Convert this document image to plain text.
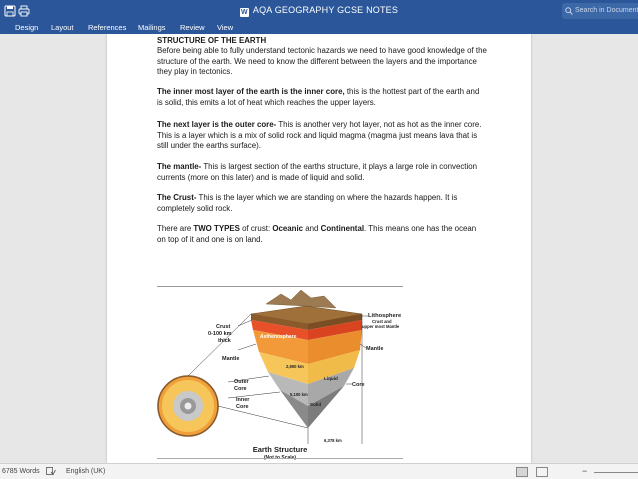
W AQA GEOGRAPHY GCSE NOTES	Search in Document
Design Layout References Mailings Review View
STRUCTURE OF THE EARTH

Before being able to fully understand tectonic hazards we need to have good knowledge of the structure of the earth. We need to know the different between the layers and the importance they play in tectonics.

The inner most layer of the earth is the inner core, this is the hottest part of the earth and is solid, this emits a lot of heat which reaches the upper layers.

The next layer is the outer core- This is another very hot layer, not as hot as the inner core. This is a layer which is a mix of solid rock and liquid magma (magma just means lava that is still under the earths surface).

The mantle- This is largest section of the earths structure, it plays a large role in convection currents (more on this later) and is made of liquid and solid.

The Crust- This is the layer which we are standing on where the hazards happen. It is completely solid rock.

There are TWO TYPES of crust: Oceanic and Continental. This means one has the ocean on top of it and one is on land.

Crust
0-100 km
thick
Asthenosphere
Mantle
Outer
Core
Inner
Core
Lithosphere
Crust and
upper most Mantle
Mantle
Core
2,900 km
Liquid
5,100 km
Solid
6,378 km
Earth Structure
6785 Words	English (UK)	−
